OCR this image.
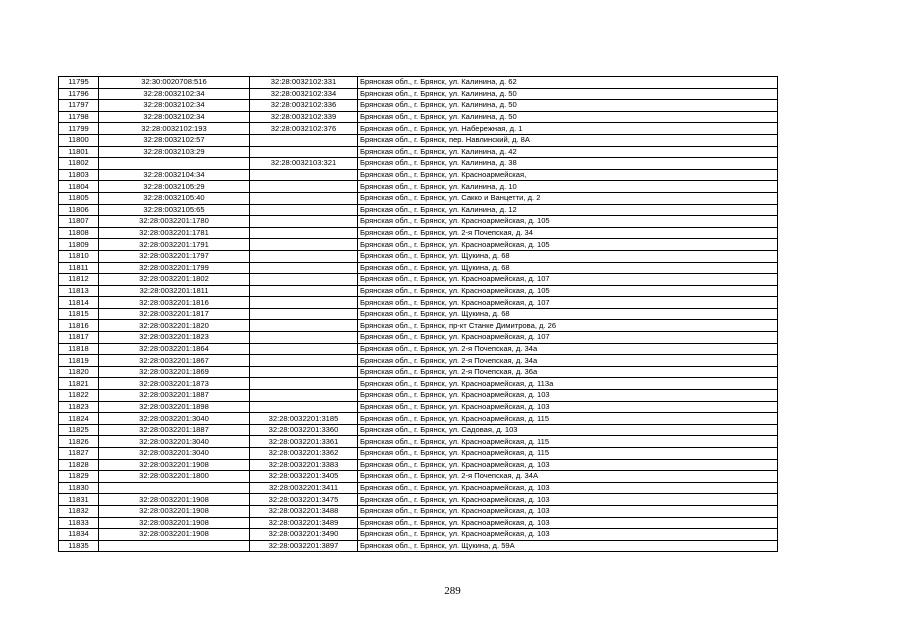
11795	32:30:0020708:516	32:28:0032102:331	Брянская обл., г. Брянск, ул. Калинина, д. 62
11796	32:28:0032102:34	32:28:0032102:334	Брянская обл., г. Брянск, ул. Калинина, д. 50
11797	32:28:0032102:34	32:28:0032102:336	Брянская обл., г. Брянск, ул. Калинина, д. 50
11798	32:28:0032102:34	32:28:0032102:339	Брянская обл., г. Брянск, ул. Калинина, д. 50
11799	32:28:0032102:193	32:28:0032102:376	Брянская обл., г. Брянск, ул. Набережная, д. 1
11800	32:28:0032102:57		Брянская обл., г. Брянск, пер. Навлинский, д. 8А
11801	32:28:0032103:29		Брянская обл., г. Брянск, ул. Калинина, д. 42
11802		32:28:0032103:321	Брянская обл., г. Брянск, ул. Калинина, д. 38
11803	32:28:0032104:34		Брянская обл., г. Брянск, ул. Красноармейская,
11804	32:28:0032105:29		Брянская обл., г. Брянск, ул. Калинина, д. 10
11805	32:28:0032105:40		Брянская обл., г. Брянск, ул. Сакко и Ванцетти, д. 2
11806	32:28:0032105:65		Брянская обл., г. Брянск, ул. Калинина, д. 12
11807	32:28:0032201:1780		Брянская обл., г. Брянск, ул. Красноармейская, д. 105
11808	32:28:0032201:1781		Брянская обл., г. Брянск, ул. 2-я Почепская, д. 34
11809	32:28:0032201:1791		Брянская обл., г. Брянск, ул. Красноармейская, д. 105
11810	32:28:0032201:1797		Брянская обл., г. Брянск, ул. Щукина, д. 68
11811	32:28:0032201:1799		Брянская обл., г. Брянск, ул. Щукина, д. 68
11812	32:28:0032201:1802		Брянская обл., г. Брянск, ул. Красноармейская, д. 107
11813	32:28:0032201:1811		Брянская обл., г. Брянск, ул. Красноармейская, д. 105
11814	32:28:0032201:1816		Брянская обл., г. Брянск, ул. Красноармейская, д. 107
11815	32:28:0032201:1817		Брянская обл., г. Брянск, ул. Щукина, д. 68
11816	32:28:0032201:1820		Брянская обл., г. Брянск, пр-кт Станке Димитрова, д. 26
11817	32:28:0032201:1823		Брянская обл., г. Брянск, ул. Красноармейская, д. 107
11818	32:28:0032201:1864		Брянская обл., г. Брянск, ул. 2-я Почепская, д. 34а
11819	32:28:0032201:1867		Брянская обл., г. Брянск, ул. 2-я Почепская, д. 34а
11820	32:28:0032201:1869		Брянская обл., г. Брянск, ул. 2-я Почепская, д. 36а
11821	32:28:0032201:1873		Брянская обл., г. Брянск, ул. Красноармейская, д. 113а
11822	32:28:0032201:1887		Брянская обл., г. Брянск, ул. Красноармейская, д. 103
11823	32:28:0032201:1898		Брянская обл., г. Брянск, ул. Красноармейская, д. 103
11824	32:28:0032201:3040	32:28:0032201:3185	Брянская обл., г. Брянск, ул. Красноармейская, д. 115
11825	32:28:0032201:1887	32:28:0032201:3360	Брянская обл., г. Брянск, ул. Садовая, д. 103
11826	32:28:0032201:3040	32:28:0032201:3361	Брянская обл., г. Брянск, ул. Красноармейская, д. 115
11827	32:28:0032201:3040	32:28:0032201:3362	Брянская обл., г. Брянск, ул. Красноармейская, д. 115
11828	32:28:0032201:1908	32:28:0032201:3383	Брянская обл., г. Брянск, ул. Красноармейская, д. 103
11829	32:28:0032201:1800	32:28:0032201:3405	Брянская обл., г. Брянск, ул. 2-я Почепская, д. 34А
11830		32:28:0032201:3411	Брянская обл., г. Брянск, ул. Красноармейская, д. 103
11831	32:28:0032201:1908	32:28:0032201:3475	Брянская обл., г. Брянск, ул. Красноармейская, д. 103
11832	32:28:0032201:1908	32:28:0032201:3488	Брянская обл., г. Брянск, ул. Красноармейская, д. 103
11833	32:28:0032201:1908	32:28:0032201:3489	Брянская обл., г. Брянск, ул. Красноармейская, д. 103
11834	32:28:0032201:1908	32:28:0032201:3490	Брянская обл., г. Брянск, ул. Красноармейская, д. 103
11835		32:28:0032201:3897	Брянская обл., г. Брянск, ул. Щукина, д. 59А
289
